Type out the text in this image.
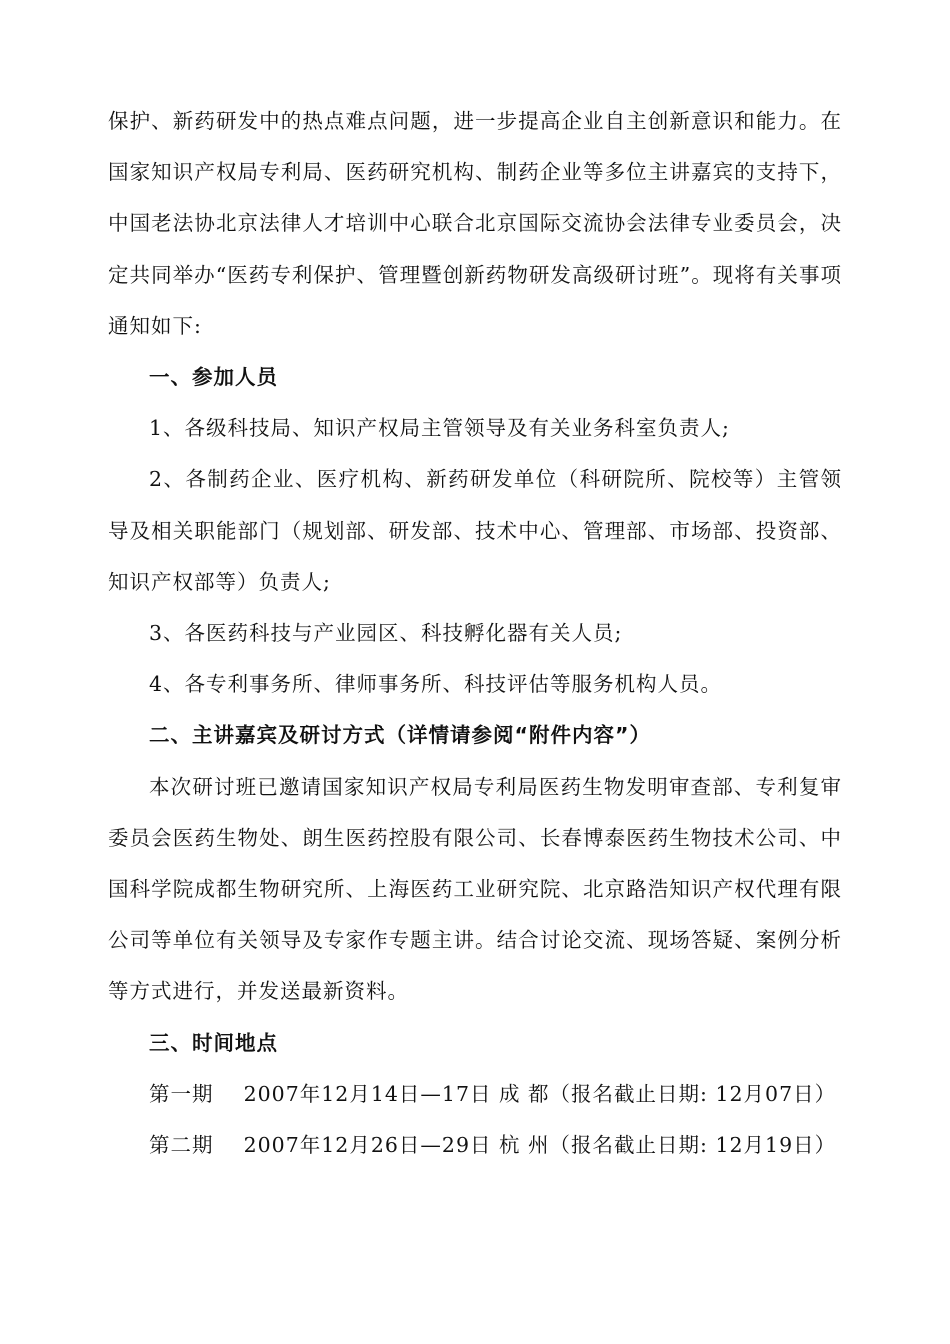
保护、新药研发中的热点难点问题，进一步提高企业自主创新意识和能力。在国家知识产权局专利局、医药研究机构、制药企业等多位主讲嘉宾的支持下，中国老法协北京法律人才培训中心联合北京国际交流协会法律专业委员会，决定共同举办“医药专利保护、管理暨创新药物研发高级研讨班”。现将有关事项通知如下:

一、参加人员

1、各级科技局、知识产权局主管领导及有关业务科室负责人;

2、各制药企业、医疗机构、新药研发单位（科研院所、院校等）主管领导及相关职能部门（规划部、研发部、技术中心、管理部、市场部、投资部、知识产权部等）负责人;

3、各医药科技与产业园区、科技孵化器有关人员;

4、各专利事务所、律师事务所、科技评估等服务机构人员。

二、主讲嘉宾及研讨方式（详情请参阅“附件内容”）

本次研讨班已邀请国家知识产权局专利局医药生物发明审查部、专利复审委员会医药生物处、朗生医药控股有限公司、长春博泰医药生物技术公司、中国科学院成都生物研究所、上海医药工业研究院、北京路浩知识产权代理有限公司等单位有关领导及专家作专题主讲。结合讨论交流、现场答疑、案例分析等方式进行，并发送最新资料。

三、时间地点

第一期    2007年12月14日—17日 成 都（报名截止日期: 12月07日）

第二期    2007年12月26日—29日 杭 州（报名截止日期: 12月19日）
